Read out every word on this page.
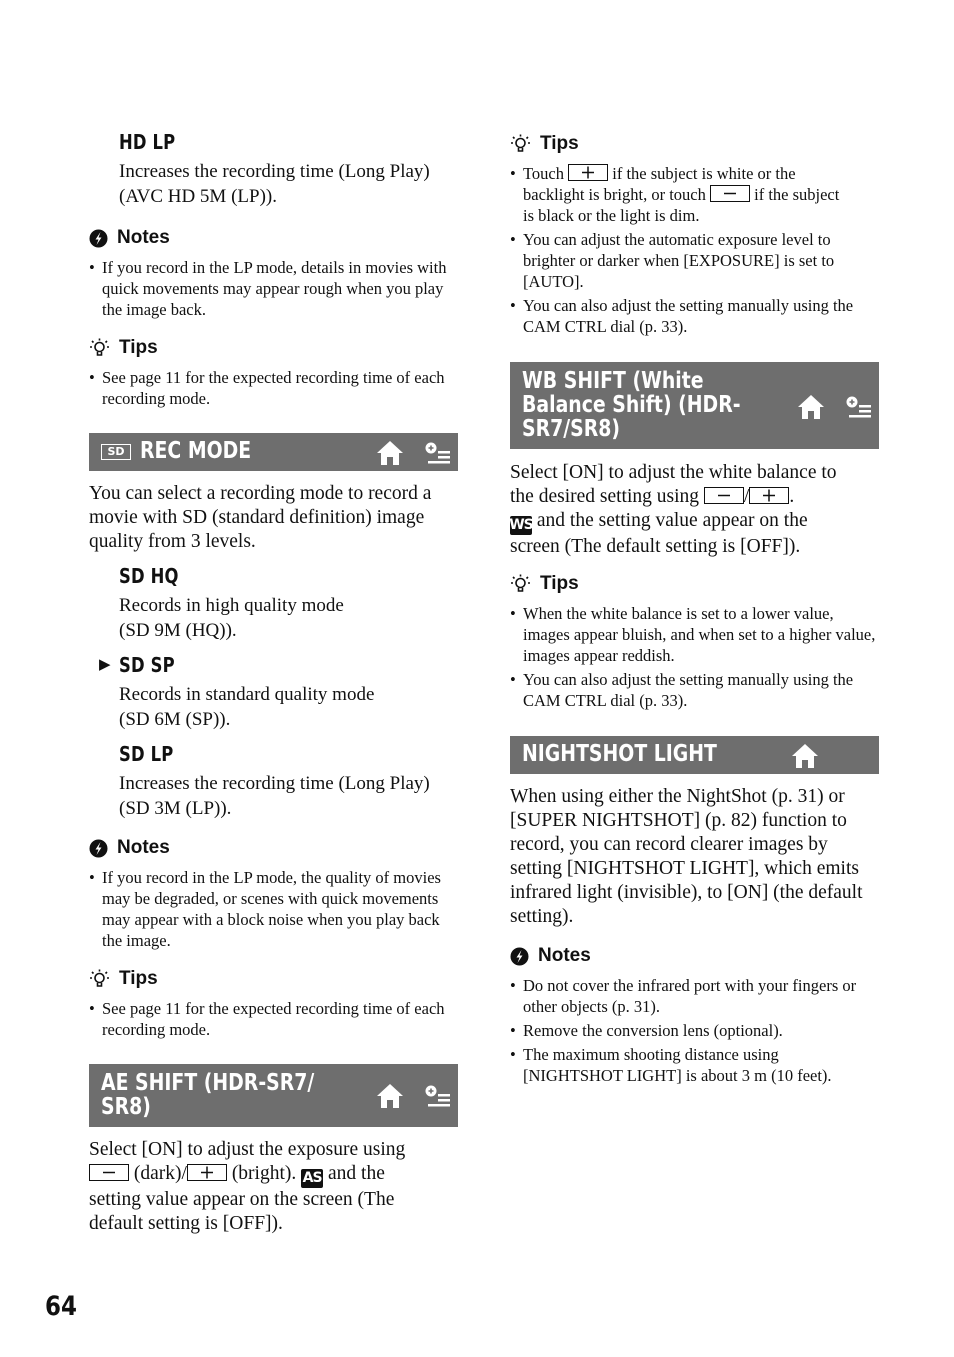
HD LP
Increases the recording time (Long Play)
(AVC HD 5M (LP)).
Notes
• If you record in the LP mode, details in movies with quick movements may appear rough when you play the image back.
Tips
• See page 11 for the expected recording time of each recording mode.
SD REC MODE
You can select a recording mode to record a movie with SD (standard definition) image quality from 3 levels.
SD HQ
Records in high quality mode
(SD 9M (HQ)).
▶ SD SP
Records in standard quality mode
(SD 6M (SP)).
SD LP
Increases the recording time (Long Play)
(SD 3M (LP)).
Notes
• If you record in the LP mode, the quality of movies may be degraded, or scenes with quick movements may appear with a block noise when you play back the image.
Tips
• See page 11 for the expected recording time of each recording mode.
AE SHIFT (HDR-SR7/
SR8)
Select [ON] to adjust the exposure using
(dark)/
(bright). AS and the
setting value appear on the screen (The
default setting is [OFF]).
Tips
• Touch
if the subject is white or the
backlight is bright, or touch
if the subject
is black or the light is dim.
• You can adjust the automatic exposure level to brighter or darker when [EXPOSURE] is set to [AUTO].
• You can also adjust the setting manually using the CAM CTRL dial (p. 33).
WB SHIFT (White
Balance Shift) (HDR-
SR7/SR8)
Select [ON] to adjust the white balance to
the desired setting using
/ .
WS and the setting value appear on the
screen (The default setting is [OFF]).
Tips
• When the white balance is set to a lower value, images appear bluish, and when set to a higher value, images appear reddish.
• You can also adjust the setting manually using the CAM CTRL dial (p. 33).
NIGHTSHOT LIGHT
When using either the NightShot (p. 31) or [SUPER NIGHTSHOT] (p. 82) function to record, you can record clearer images by setting [NIGHTSHOT LIGHT], which emits infrared light (invisible), to [ON] (the default setting).
Notes
• Do not cover the infrared port with your fingers or other objects (p. 31).
• Remove the conversion lens (optional).
• The maximum shooting distance using [NIGHTSHOT LIGHT] is about 3 m (10 feet).
64
